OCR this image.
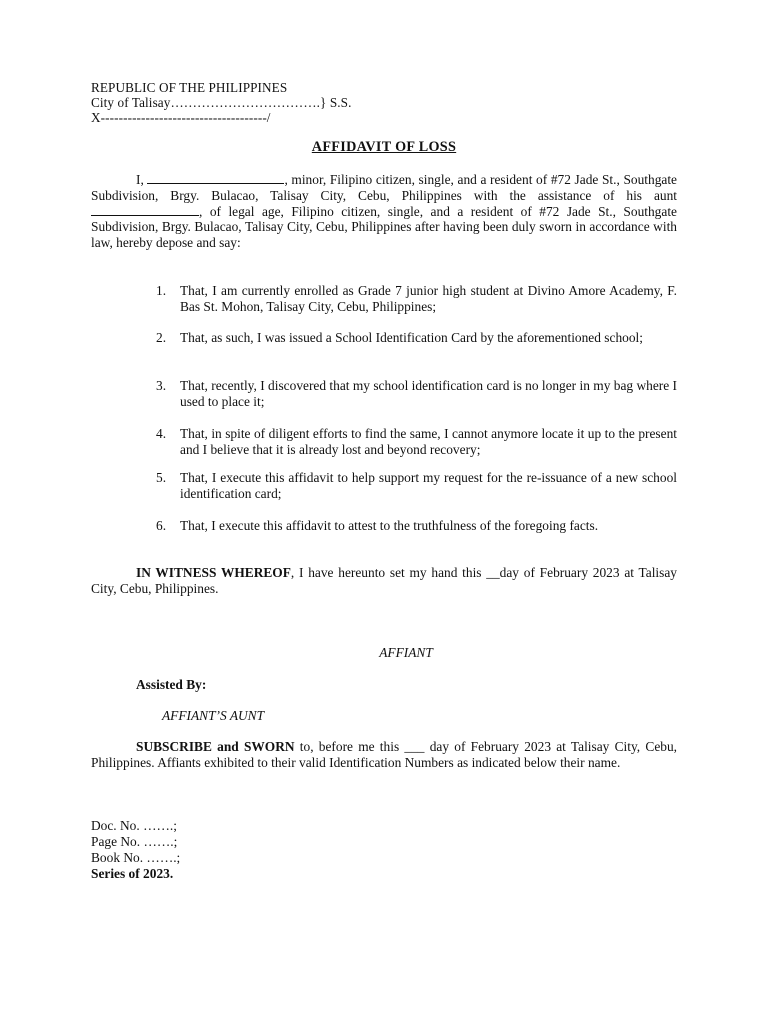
REPUBLIC OF THE PHILIPPINES
City of Talisay…………………………….} S.S.
X-------------------------------------/
AFFIDAVIT OF LOSS
I,	, minor, Filipino citizen, single, and a resident of #72 Jade St., Southgate Subdivision, Brgy. Bulacao, Talisay City, Cebu, Philippines with the assistance of his aunt, of legal age, Filipino citizen, single, and a resident of #72 Jade St., Southgate Subdivision, Brgy. Bulacao, Talisay City, Cebu, Philippines after having been duly sworn in accordance with law, hereby depose and say:
1. That, I am currently enrolled as Grade 7 junior high student at Divino Amore Academy, F. Bas St. Mohon, Talisay City, Cebu, Philippines;
2. That, as such, I was issued a School Identification Card by the aforementioned school;
3. That, recently, I discovered that my school identification card is no longer in my bag where I used to place it;
4. That, in spite of diligent efforts to find the same, I cannot anymore locate it up to the present and I believe that it is already lost and beyond recovery;
5. That, I execute this affidavit to help support my request for the re-issuance of a new school identification card;
6. That, I execute this affidavit to attest to the truthfulness of the foregoing facts.
IN WITNESS WHEREOF, I have hereunto set my hand this __day of February 2023 at Talisay City, Cebu, Philippines.
AFFIANT
Assisted By:
AFFIANT’S AUNT
SUBSCRIBE and SWORN to, before me this ___ day of February 2023 at Talisay City, Cebu, Philippines. Affiants exhibited to their valid Identification Numbers as indicated below their name.
Doc. No. …….;
Page No. …….;
Book No. …….;
Series of 2023.
